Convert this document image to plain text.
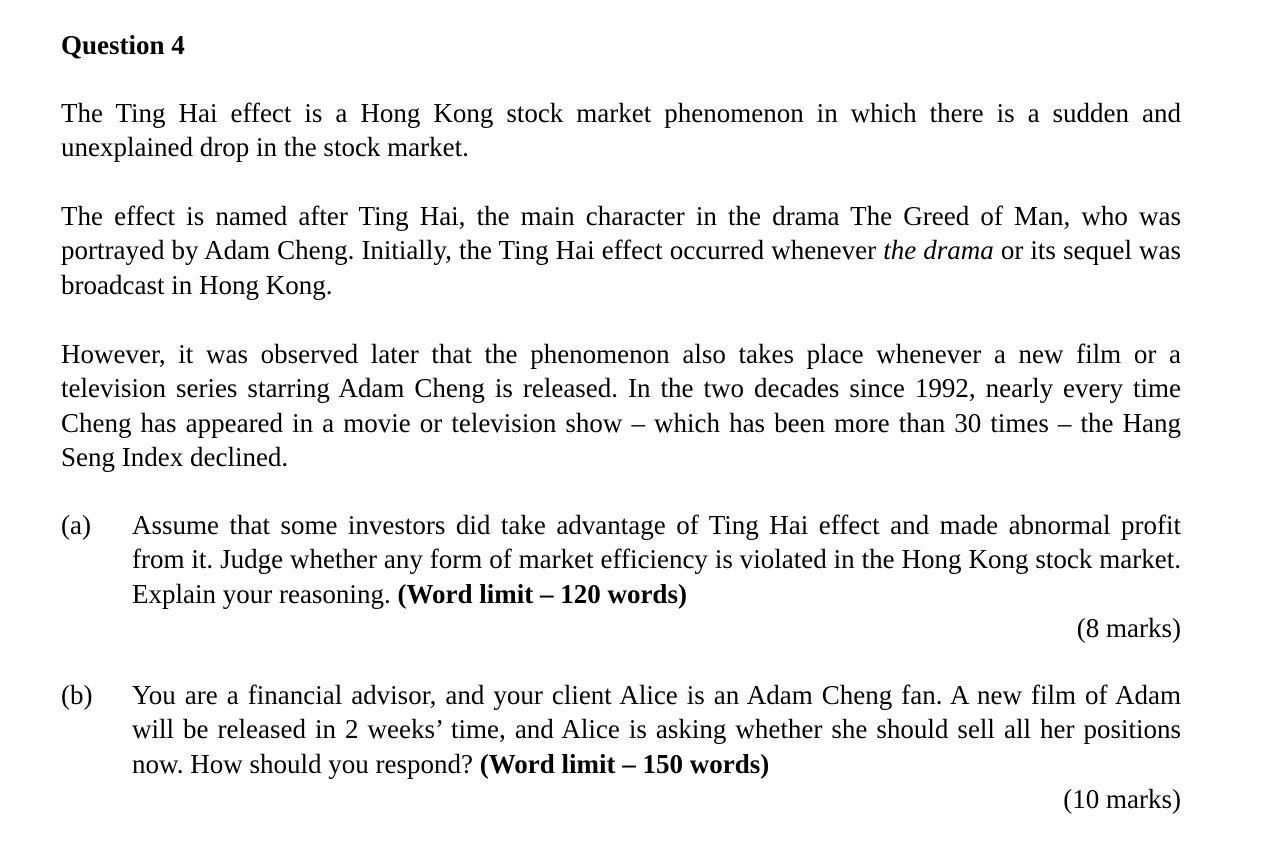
Question 4
The Ting Hai effect is a Hong Kong stock market phenomenon in which there is a sudden and unexplained drop in the stock market.
The effect is named after Ting Hai, the main character in the drama The Greed of Man, who was portrayed by Adam Cheng. Initially, the Ting Hai effect occurred whenever the drama or its sequel was broadcast in Hong Kong.
However, it was observed later that the phenomenon also takes place whenever a new film or a television series starring Adam Cheng is released. In the two decades since 1992, nearly every time Cheng has appeared in a movie or television show – which has been more than 30 times – the Hang Seng Index declined.
(a) Assume that some investors did take advantage of Ting Hai effect and made abnormal profit from it. Judge whether any form of market efficiency is violated in the Hong Kong stock market. Explain your reasoning. (Word limit – 120 words)
(8 marks)
(b) You are a financial advisor, and your client Alice is an Adam Cheng fan. A new film of Adam will be released in 2 weeks’ time, and Alice is asking whether she should sell all her positions now. How should you respond? (Word limit – 150 words)
(10 marks)
